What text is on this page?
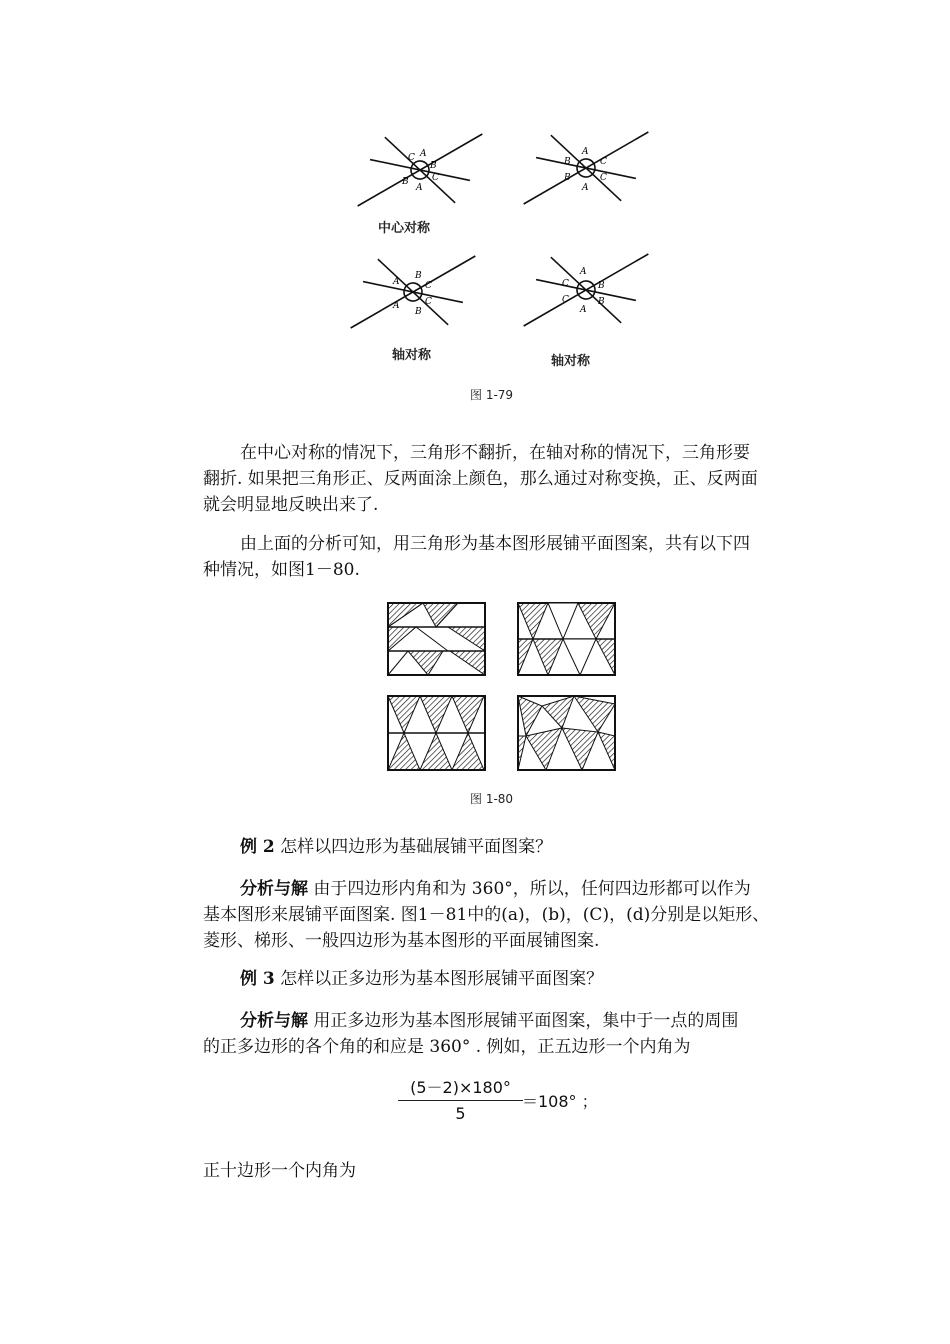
C A
B
B
A
C
B
A
C
B
A
C
A
B
C
A
B
C
A
C	B
C
A
B
中心对称
轴对称	轴对称
图 1-79

在中心对称的情况下，三角形不翻折，在轴对称的情况下，三角形要
翻折. 如果把三角形正、反两面涂上颜色，那么通过对称变换，正、反两面
就会明显地反映出来了.

由上面的分析可知，用三角形为基本图形展铺平面图案，共有以下四
种情况，如图1－80.

图 1-80

例 2 怎样以四边形为基础展铺平面图案？

分析与解 由于四边形内角和为 360°，所以，任何四边形都可以作为
基本图形来展铺平面图案. 图1－81中的(a)，(b)，(C)，(d)分别是以矩形、
菱形、梯形、一般四边形为基本图形的平面展铺图案.

例 3 怎样以正多边形为基本图形展铺平面图案？

分析与解 用正多边形为基本图形展铺平面图案，集中于一点的周围
的正多边形的各个角的和应是 360° . 例如，正五边形一个内角为

(5－2)×180°
5
＝108° ；

正十边形一个内角为
